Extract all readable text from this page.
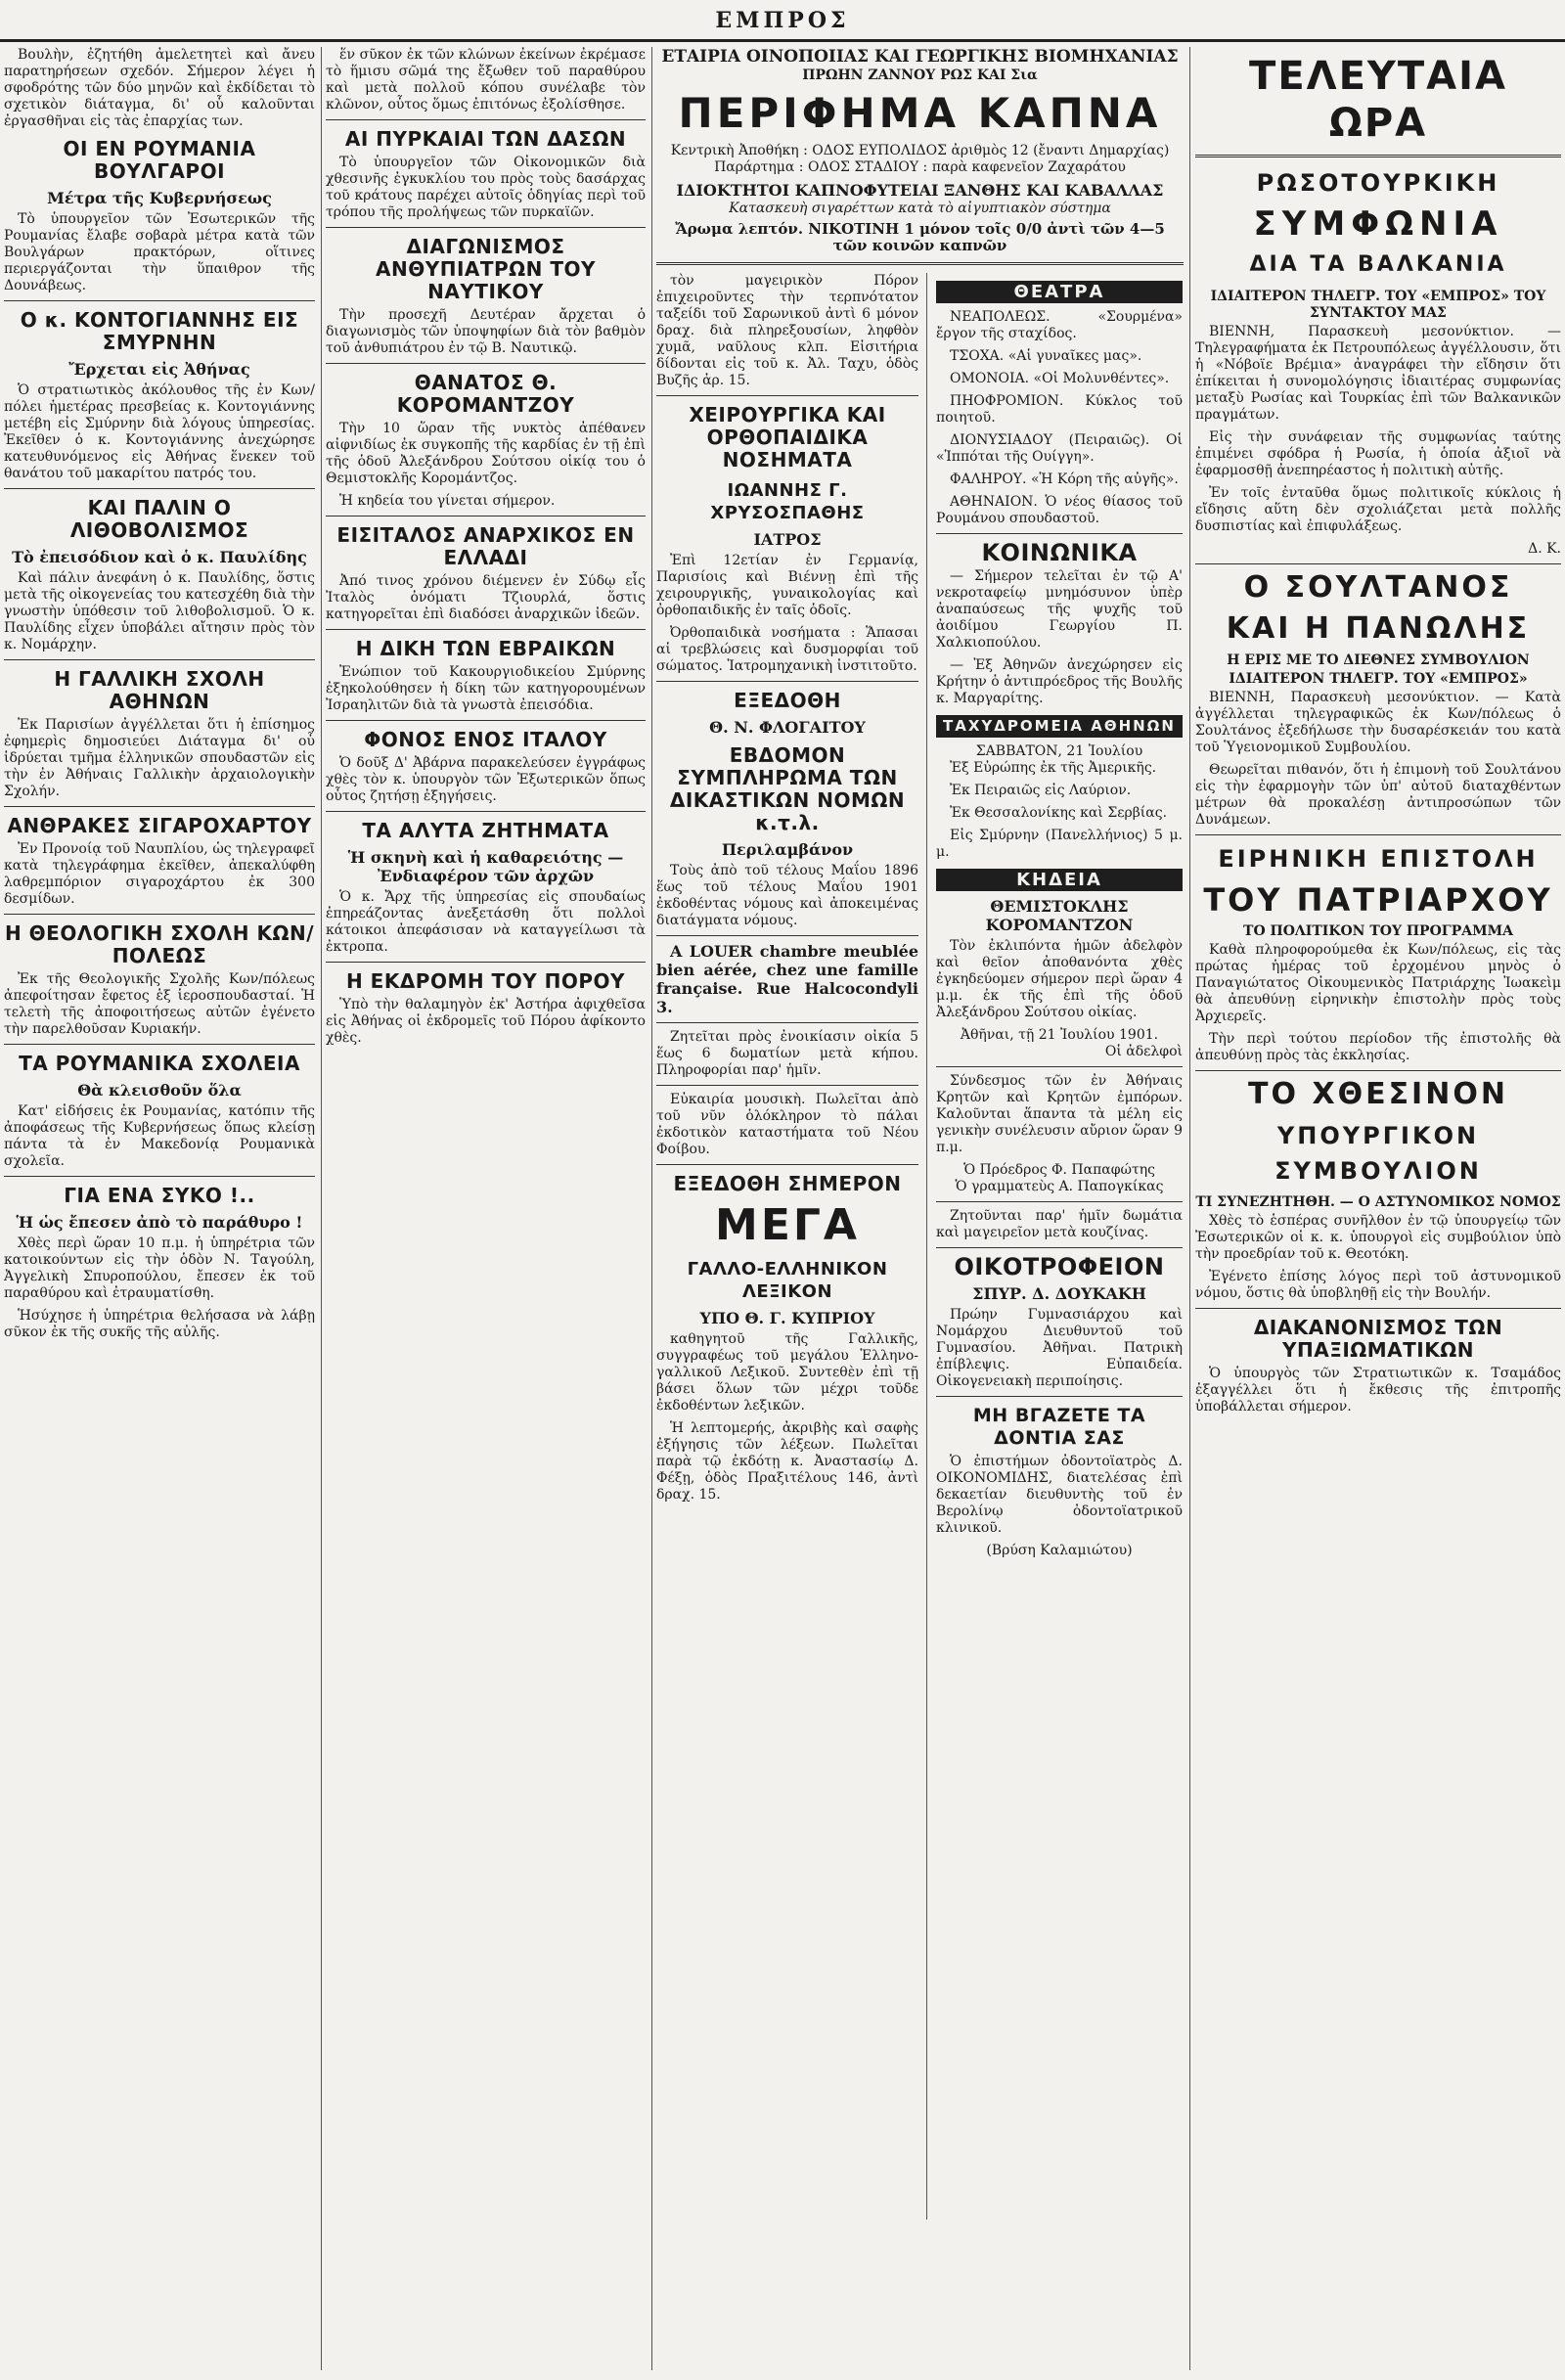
ΕΜΠΡΟΣ

Βουλὴν, ἐζητήθη ἀμελετητεὶ καὶ ἄνευ παρατηρήσεων σχεδόν. Σήμερον λέγει ἡ σφοδρότης τῶν δύο μηνῶν καὶ ἐκδίδεται τὸ σχετικὸν διάταγμα, δι' οὗ καλοῦνται ἐργασθῆναι εἰς τὰς ἐπαρχίας των.

ΟΙ ΕΝ ΡΟΥΜΑΝΙΑ ΒΟΥΛΓΑΡΟΙ
Μέτρα τῆς Κυβερνήσεως

Τὸ ὑπουργεῖον τῶν Ἐσωτερικῶν τῆς Ρουμανίας ἔλαβε σοβαρὰ μέτρα κατὰ τῶν Βουλγάρων πρακτόρων, οἵτινες περιεργάζονται τὴν ὕπαιθρον τῆς Δουνάβεως.

Ο κ. ΚΟΝΤΟΓΙΑΝΝΗΣ ΕΙΣ ΣΜΥΡΝΗΝ
Ἔρχεται εἰς Ἀθήνας

Ὁ στρατιωτικὸς ἀκόλουθος τῆς ἐν Κων/πόλει ἡμετέρας πρεσβείας κ. Κοντογιάννης μετέβη εἰς Σμύρνην διὰ λόγους ὑπηρεσίας. Ἐκεῖθεν ὁ κ. Κοντογιάννης ἀνεχώρησε κατευθυνόμενος εἰς Ἀθήνας ἕνεκεν τοῦ θανάτου τοῦ μακαρίτου πατρός του.

ΚΑΙ ΠΑΛΙΝ Ο ΛΙΘΟΒΟΛΙΣΜΟΣ
Τὸ ἐπεισόδιον καὶ ὁ κ. Παυλίδης

Καὶ πάλιν ἀνεφάνη ὁ κ. Παυλίδης, ὅστις μετὰ τῆς οἰκογενείας του κατεσχέθη διὰ τὴν γνωστὴν ὑπόθεσιν τοῦ λιθοβολισμοῦ. Ὁ κ. Παυλίδης εἶχεν ὑποβάλει αἴτησιν πρὸς τὸν κ. Νομάρχην.

Η ΓΑΛΛΙΚΗ ΣΧΟΛΗ ΑΘΗΝΩΝ

Ἐκ Παρισίων ἀγγέλλεται ὅτι ἡ ἐπίσημος ἐφημερὶς δημοσιεύει Διάταγμα δι' οὗ ἱδρύεται τμῆμα ἑλληνικῶν σπουδαστῶν εἰς τὴν ἐν Ἀθήναις Γαλλικὴν ἀρχαιολογικὴν Σχολήν.

ΑΝΘΡΑΚΕΣ ΣΙΓΑΡΟΧΑΡΤΟΥ

Ἐν Προνοίᾳ τοῦ Ναυπλίου, ὡς τηλεγραφεῖ κατὰ τηλεγράφημα ἐκεῖθεν, ἀπεκαλύφθη λαθρεμπόριον σιγαροχάρτου ἐκ 300 δεσμίδων.

Η ΘΕΟΛΟΓΙΚΗ ΣΧΟΛΗ ΚΩΝ/ΠΟΛΕΩΣ

Ἐκ τῆς Θεολογικῆς Σχολῆς Κων/πόλεως ἀπεφοίτησαν ἔφετος ἑξ ἱεροσπουδασταί. Ἡ τελετὴ τῆς ἀποφοιτήσεως αὐτῶν ἐγένετο τὴν παρελθοῦσαν Κυριακήν.

ΤΑ ΡΟΥΜΑΝΙΚΑ ΣΧΟΛΕΙΑ
Θὰ κλεισθοῦν ὅλα

Κατ' εἰδήσεις ἐκ Ρουμανίας, κατόπιν τῆς ἀποφάσεως τῆς Κυβερνήσεως ὅπως κλείσῃ πάντα τὰ ἐν Μακεδονίᾳ Ρουμανικὰ σχολεῖα.

ΓΙΑ ΕΝΑ ΣΥΚΟ !..
Ἡ ὡς ἔπεσεν ἀπὸ τὸ παράθυρο !

Χθὲς περὶ ὥραν 10 π.μ. ἡ ὑπηρέτρια τῶν κατοικούντων εἰς τὴν ὁδὸν Ν. Ταγούλη, Ἀγγελικὴ Σπυροπούλου, ἔπεσεν ἐκ τοῦ παραθύρου καὶ ἐτραυματίσθη.

Ἡσύχησε ἡ ὑπηρέτρια θελήσασα νὰ λάβῃ σῦκον ἐκ τῆς συκῆς τῆς αὐλῆς.

ἕν σῦκον ἐκ τῶν κλώνων ἐκείνων ἐκρέμασε τὸ ἥμισυ σῶμά της ἔξωθεν τοῦ παραθύρου καὶ μετὰ πολλοῦ κόπου συνέλαβε τὸν κλῶνον, οὗτος ὅμως ἐπιτόνως ἐξολίσθησε.

ΑΙ ΠΥΡΚΑΙΑΙ ΤΩΝ ΔΑΣΩΝ

Τὸ ὑπουργεῖον τῶν Οἰκονομικῶν διὰ χθεσινῆς ἐγκυκλίου του πρὸς τοὺς δασάρχας τοῦ κράτους παρέχει αὐτοῖς ὁδηγίας περὶ τοῦ τρόπου τῆς προλήψεως τῶν πυρκαϊῶν.

ΔΙΑΓΩΝΙΣΜΟΣ ΑΝΘΥΠΙΑΤΡΩΝ ΤΟΥ ΝΑΥΤΙΚΟΥ

Τὴν προσεχῆ Δευτέραν ἄρχεται ὁ διαγωνισμὸς τῶν ὑποψηφίων διὰ τὸν βαθμὸν τοῦ ἀνθυπιάτρου ἐν τῷ Β. Ναυτικῷ.

ΘΑΝΑΤΟΣ Θ. ΚΟΡΟΜΑΝΤΖΟΥ

Τὴν 10 ὥραν τῆς νυκτὸς ἀπέθανεν αἰφνιδίως ἐκ συγκοπῆς τῆς καρδίας ἐν τῇ ἐπὶ τῆς ὁδοῦ Ἀλεξάνδρου Σούτσου οἰκίᾳ του ὁ Θεμιστοκλῆς Κορομάντζος.

Ἡ κηδεία του γίνεται σήμερον.

ΕΙΣΙΤΑΛΟΣ ΑΝΑΡΧΙΚΟΣ ΕΝ ΕΛΛΑΔΙ

Ἀπό τινος χρόνου διέμενεν ἐν Σύδῳ εἷς Ἰταλὸς ὀνόματι Τζιουρλά, ὅστις κατηγορεῖται ἐπὶ διαδόσει ἀναρχικῶν ἰδεῶν.

Η ΔΙΚΗ ΤΩΝ ΕΒΡΑΙΚΩΝ

Ἐνώπιον τοῦ Κακουργιοδικείου Σμύρνης ἐξηκολούθησεν ἡ δίκη τῶν κατηγορουμένων Ἰσραηλιτῶν διὰ τὰ γνωστὰ ἐπεισόδια.

ΦΟΝΟΣ ΕΝΟΣ ΙΤΑΛΟΥ

Ὁ δοῦξ Δ' Ἀβάρνα παρακελεύσεν ἐγγράφως χθὲς τὸν κ. ὑπουργὸν τῶν Ἐξωτερικῶν ὅπως οὗτος ζητήσῃ ἐξηγήσεις.

ΤΑ ΑΛΥΤΑ ΖΗΤΗΜΑΤΑ
Ἡ σκηνὴ καὶ ἡ καθαρειότης — Ἐνδιαφέρον τῶν ἀρχῶν

Ὁ κ. Ἄρχ τῆς ὑπηρεσίας εἰς σπουδαίως ἐπηρεάζοντας ἀνεξετάσθη ὅτι πολλοὶ κάτοικοι ἀπεφάσισαν νὰ καταγγείλωσι τὰ ἐκτροπα.

Η ΕΚΔΡΟΜΗ ΤΟΥ ΠΟΡΟΥ

Ὑπὸ τὴν θαλαμηγὸν ἐκ' Ἀστήρα ἀφιχθεῖσα εἰς Ἀθήνας οἱ ἐκδρομεῖς τοῦ Πόρου ἀφίκοντο χθὲς.

ΕΤΑΙΡΙΑ ΟΙΝΟΠΟΙΙΑΣ ΚΑΙ ΓΕΩΡΓΙΚΗΣ ΒΙΟΜΗΧΑΝΙΑΣ
ΠΡΩΗΝ ΖΑΝΝΟΥ ΡΩΣ ΚΑΙ Σια
ΠΕΡΙΦΗΜΑ ΚΑΠΝΑ
Κεντρικὴ Ἀποθήκη : ΟΔΟΣ ΕΥΠΟΛΙΔΟΣ ἀριθμὸς 12 (ἔναντι Δημαρχίας)
Παράρτημα : ΟΔΟΣ ΣΤΑΔΙΟΥ : παρὰ καφενεῖον Ζαχαράτου
ΙΔΙΟΚΤΗΤΟΙ ΚΑΠΝΟΦΥΤΕΙΑΙ ΞΑΝΘΗΣ ΚΑΙ ΚΑΒΑΛΛΑΣ
Κατασκευὴ σιγαρέττων κατὰ τὸ αἰγυπτιακὸν σύστημα
Ἄρωμα λεπτόν. ΝΙΚΟΤΙΝΗ 1 μόνον τοῖς 0/0 ἀντὶ τῶν 4—5 τῶν κοινῶν καπνῶν

τὸν μαγειρικὸν Πόρον ἐπιχειροῦντες τὴν τερπνότατον ταξείδι τοῦ Σαρωνικοῦ ἀντὶ 6 μόνον δραχ. διὰ πληρεξουσίων, ληφθὸν χυμᾶ, ναῦλους κλπ. Εἰσιτήρια δίδονται εἰς τοῦ κ. Ἀλ. Ταχυ, ὁδὸς Βυζῆς ἀρ. 15.

ΧΕΙΡΟΥΡΓΙΚΑ ΚΑΙ ΟΡΘΟΠΑΙΔΙΚΑ ΝΟΣΗΜΑΤΑ
ΙΩΑΝΝΗΣ Γ. ΧΡΥΣΟΣΠΑΘΗΣ
ΙΑΤΡΟΣ

Ἐπὶ 12ετίαν ἐν Γερμανίᾳ, Παρισίοις καὶ Βιέννῃ ἐπὶ τῆς χειρουργικῆς, γυναικολογίας καὶ ὀρθοπαιδικῆς ἐν ταῖς ὁδοῖς.

Ὀρθοπαιδικὰ νοσήματα : Ἅπασαι αἱ τρεβλώσεις καὶ δυσμορφίαι τοῦ σώματος. Ἰατρομηχανικὴ ἰνστιτοῦτο.

ΕΞΕΔΟΘΗ
Θ. Ν. ΦΛΟΓΑΙΤΟΥ
ΕΒΔΟΜΟΝ ΣΥΜΠΛΗΡΩΜΑ ΤΩΝ ΔΙΚΑΣΤΙΚΩΝ ΝΟΜΩΝ κ.τ.λ.
Περιλαμβάνον

Τοὺς ἀπὸ τοῦ τέλους Μαΐου 1896 ἕως τοῦ τέλους Μαΐου 1901 ἐκδοθέντας νόμους καὶ ἀποκειμένας διατάγματα νόμους.

A LOUER chambre meublée bien aérée, chez une famille française. Rue Halcocondyli 3.

Ζητεῖται πρὸς ἐνοικίασιν οἰκία 5 ἕως 6 δωματίων μετὰ κήπου. Πληροφορίαι παρ' ἡμῖν.

Εὐκαιρία μουσικὴ. Πωλεῖται ἀπὸ τοῦ νῦν ὁλόκληρον τὸ πάλαι ἐκδοτικὸν καταστήματα τοῦ Νέου Φοίβου.

ΕΞΕΔΟΘΗ ΣΗΜΕΡΟΝ
ΜΕΓΑ
ΓΑΛΛΟ-ΕΛΛΗΝΙΚΟΝ ΛΕΞΙΚΟΝ
ΥΠΟ Θ. Γ. ΚΥΠΡΙΟΥ

καθηγητοῦ τῆς Γαλλικῆς, συγγραφέως τοῦ μεγάλου Ἑλληνο-γαλλικοῦ Λεξικοῦ. Συντεθὲν ἐπὶ τῇ βάσει ὅλων τῶν μέχρι τοῦδε ἐκδοθέντων λεξικῶν.

Ἡ λεπτομερής, ἀκριβὴς καὶ σαφὴς ἐξήγησις τῶν λέξεων. Πωλεῖται παρὰ τῷ ἐκδότῃ κ. Ἀναστασίῳ Δ. Φέξῃ, ὁδὸς Πραξιτέλους 146, ἀντὶ δραχ. 15.

ΘΕΑΤΡΑ

ΝΕΑΠΟΛΕΩΣ. «Σουρμένα» ἔργον τῆς σταχίδος.

ΤΣΟΧΑ. «Αἱ γυναῖκες μας».

ΟΜΟΝΟΙΑ. «Οἱ Μολυνθέντες».

ΠΗΟΦΡΟΜΙΟΝ. Κύκλος τοῦ ποιητοῦ.

ΔΙΟΝΥΣΙΑΔΟΥ (Πειραιῶς). Οἱ «Ἱππόται τῆς Ουίγγη».

ΦΑΛΗΡΟΥ. «Ἡ Κόρη τῆς αὐγῆς».

ΑΘΗΝΑΙΟΝ. Ὁ νέος θίασος τοῦ Ρουμάνου σπουδαστοῦ.

ΚΟΙΝΩΝΙΚΑ

— Σήμερον τελεῖται ἐν τῷ Α' νεκροταφείῳ μνημόσυνον ὑπὲρ ἀναπαύσεως τῆς ψυχῆς τοῦ ἀοιδίμου Γεωργίου Π. Χαλκιοπούλου.

— Ἐξ Ἀθηνῶν ἀνεχώρησεν εἰς Κρήτην ὁ ἀντιπρόεδρος τῆς Βουλῆς κ. Μαργαρίτης.

ΤΑΧΥΔΡΟΜΕΙΑ ΑΘΗΝΩΝ
ΣΑΒΒΑΤΟΝ, 21 Ἰουλίου

Ἐξ Εὐρώπης ἐκ τῆς Ἀμερικῆς.

Ἐκ Πειραιῶς εἰς Λαύριον.

Ἐκ Θεσσαλονίκης καὶ Σερβίας.

Εἰς Σμύρνην (Πανελλήνιος) 5 μ. μ.

ΚΗΔΕΙΑ
ΘΕΜΙΣΤΟΚΛΗΣ ΚΟΡΟΜΑΝΤΖΟΝ

Τὸν ἐκλιπόντα ἡμῶν ἀδελφὸν καὶ θεῖον ἀποθανόντα χθὲς ἐγκηδεύομεν σήμερον περὶ ὥραν 4 μ.μ. ἐκ τῆς ἐπὶ τῆς ὁδοῦ Ἀλεξάνδρου Σούτσου οἰκίας.

Ἀθῆναι, τῇ 21 Ἰουλίου 1901.
Οἱ ἀδελφοὶ

Σύνδεσμος τῶν ἐν Ἀθήναις Κρητῶν καὶ Κρητῶν ἐμπόρων. Καλοῦνται ἅπαντα τὰ μέλη εἰς γενικὴν συνέλευσιν αὔριον ὥραν 9 π.μ.

Ὁ Πρόεδρος Φ. Παπαφώτης
Ὁ γραμματεὺς Α. Παπογκίκας

Ζητοῦνται παρ' ἡμῖν δωμάτια καὶ μαγειρεῖον μετὰ κουζίνας.

ΟΙΚΟΤΡΟΦΕΙΟΝ
ΣΠΥΡ. Δ. ΔΟΥΚΑΚΗ

Πρώην Γυμνασιάρχου καὶ Νομάρχου Διευθυντοῦ τοῦ Γυμνασίου. Ἀθῆναι. Πατρικὴ ἐπίβλεψις. Εὐπαιδεία. Οἰκογενειακὴ περιποίησις.

ΜΗ ΒΓΑΖΕΤΕ ΤΑ ΔΟΝΤΙΑ ΣΑΣ

Ὁ ἐπιστήμων ὀδοντοϊατρὸς Δ. ΟΙΚΟΝΟΜΙΔΗΣ, διατελέσας ἐπὶ δεκαετίαν διευθυντὴς τοῦ ἐν Βερολίνῳ ὀδοντοϊατρικοῦ κλινικοῦ.

(Βρύση Καλαμιώτου)
ΤΕΛΕΥΤΑΙΑ ΩΡΑ
ΡΩΣΟΤΟΥΡΚΙΚΗ
ΣΥΜΦΩΝΙΑ
ΔΙΑ ΤΑ ΒΑΛΚΑΝΙΑ
ΙΔΙΑΙΤΕΡΟΝ ΤΗΛΕΓΡ. ΤΟΥ «ΕΜΠΡΟΣ» ΤΟΥ ΣΥΝΤΑΚΤΟΥ ΜΑΣ

ΒΙΕΝΝΗ, Παρασκευὴ μεσονύκτιον. — Τηλεγραφήματα ἐκ Πετρουπόλεως ἀγγέλλουσιν, ὅτι ἡ «Νόβοϊε Βρέμια» ἀναγράφει τὴν εἴδησιν ὅτι ἐπίκειται ἡ συνομολόγησις ἰδιαιτέρας συμφωνίας μεταξὺ Ρωσίας καὶ Τουρκίας ἐπὶ τῶν Βαλκανικῶν πραγμάτων.

Εἰς τὴν συνάφειαν τῆς συμφωνίας ταύτης ἐπιμένει σφόδρα ἡ Ρωσία, ἡ ὁποία ἀξιοῖ νὰ ἐφαρμοσθῇ ἀνεπηρέαστος ἡ πολιτικὴ αὐτῆς.

Ἐν τοῖς ἐνταῦθα ὅμως πολιτικοῖς κύκλοις ἡ εἴδησις αὕτη δὲν σχολιάζεται μετὰ πολλῆς δυσπιστίας καὶ ἐπιφυλάξεως.

Δ. Κ.
Ο ΣΟΥΛΤΑΝΟΣ
ΚΑΙ Η ΠΑΝΩΛΗΣ
Η ΕΡΙΣ ΜΕ ΤΟ ΔΙΕΘΝΕΣ ΣΥΜΒΟΥΛΙΟΝ
ΙΔΙΑΙΤΕΡΟΝ ΤΗΛΕΓΡ. ΤΟΥ «ΕΜΠΡΟΣ»

ΒΙΕΝΝΗ, Παρασκευὴ μεσονύκτιον. — Κατὰ ἀγγέλλεται τηλεγραφικῶς ἐκ Κων/πόλεως ὁ Σουλτάνος ἐξεδήλωσε τὴν δυσαρέσκειάν του κατὰ τοῦ Ὑγειονομικοῦ Συμβουλίου.

Θεωρεῖται πιθανόν, ὅτι ἡ ἐπιμονὴ τοῦ Σουλτάνου εἰς τὴν ἐφαρμογὴν τῶν ὑπ' αὐτοῦ διαταχθέντων μέτρων θὰ προκαλέσῃ ἀντιπροσώπων τῶν Δυνάμεων.

ΕΙΡΗΝΙΚΗ ΕΠΙΣΤΟΛΗ
ΤΟΥ ΠΑΤΡΙΑΡΧΟΥ
ΤΟ ΠΟΛΙΤΙΚΟΝ ΤΟΥ ΠΡΟΓΡΑΜΜΑ

Καθὰ πληροφορούμεθα ἐκ Κων/πόλεως, εἰς τὰς πρώτας ἡμέρας τοῦ ἐρχομένου μηνὸς ὁ Παναγιώτατος Οἰκουμενικὸς Πατριάρχης Ἰωακεὶμ θὰ ἀπευθύνῃ εἰρηνικὴν ἐπιστολὴν πρὸς τοὺς Ἀρχιερεῖς.

Τὴν περὶ τούτου περίοδον τῆς ἐπιστολῆς θὰ ἀπευθύνῃ πρὸς τὰς ἐκκλησίας.

ΤΟ ΧΘΕΣΙΝΟΝ
ΥΠΟΥΡΓΙΚΟΝ ΣΥΜΒΟΥΛΙΟΝ
ΤΙ ΣΥΝΕΖΗΤΗΘΗ. — Ο ΑΣΤΥΝΟΜΙΚΟΣ ΝΟΜΟΣ

Χθὲς τὸ ἑσπέρας συνῆλθον ἐν τῷ ὑπουργείῳ τῶν Ἐσωτερικῶν οἱ κ. κ. ὑπουργοὶ εἰς συμβούλιον ὑπὸ τὴν προεδρίαν τοῦ κ. Θεοτόκη.

Ἐγένετο ἐπίσης λόγος περὶ τοῦ ἀστυνομικοῦ νόμου, ὅστις θὰ ὑποβληθῇ εἰς τὴν Βουλήν.

ΔΙΑΚΑΝΟΝΙΣΜΟΣ ΤΩΝ ΥΠΑΞΙΩΜΑΤΙΚΩΝ

Ὁ ὑπουργὸς τῶν Στρατιωτικῶν κ. Τσαμάδος ἐξαγγέλλει ὅτι ἡ ἔκθεσις τῆς ἐπιτροπῆς ὑποβάλλεται σήμερον.
